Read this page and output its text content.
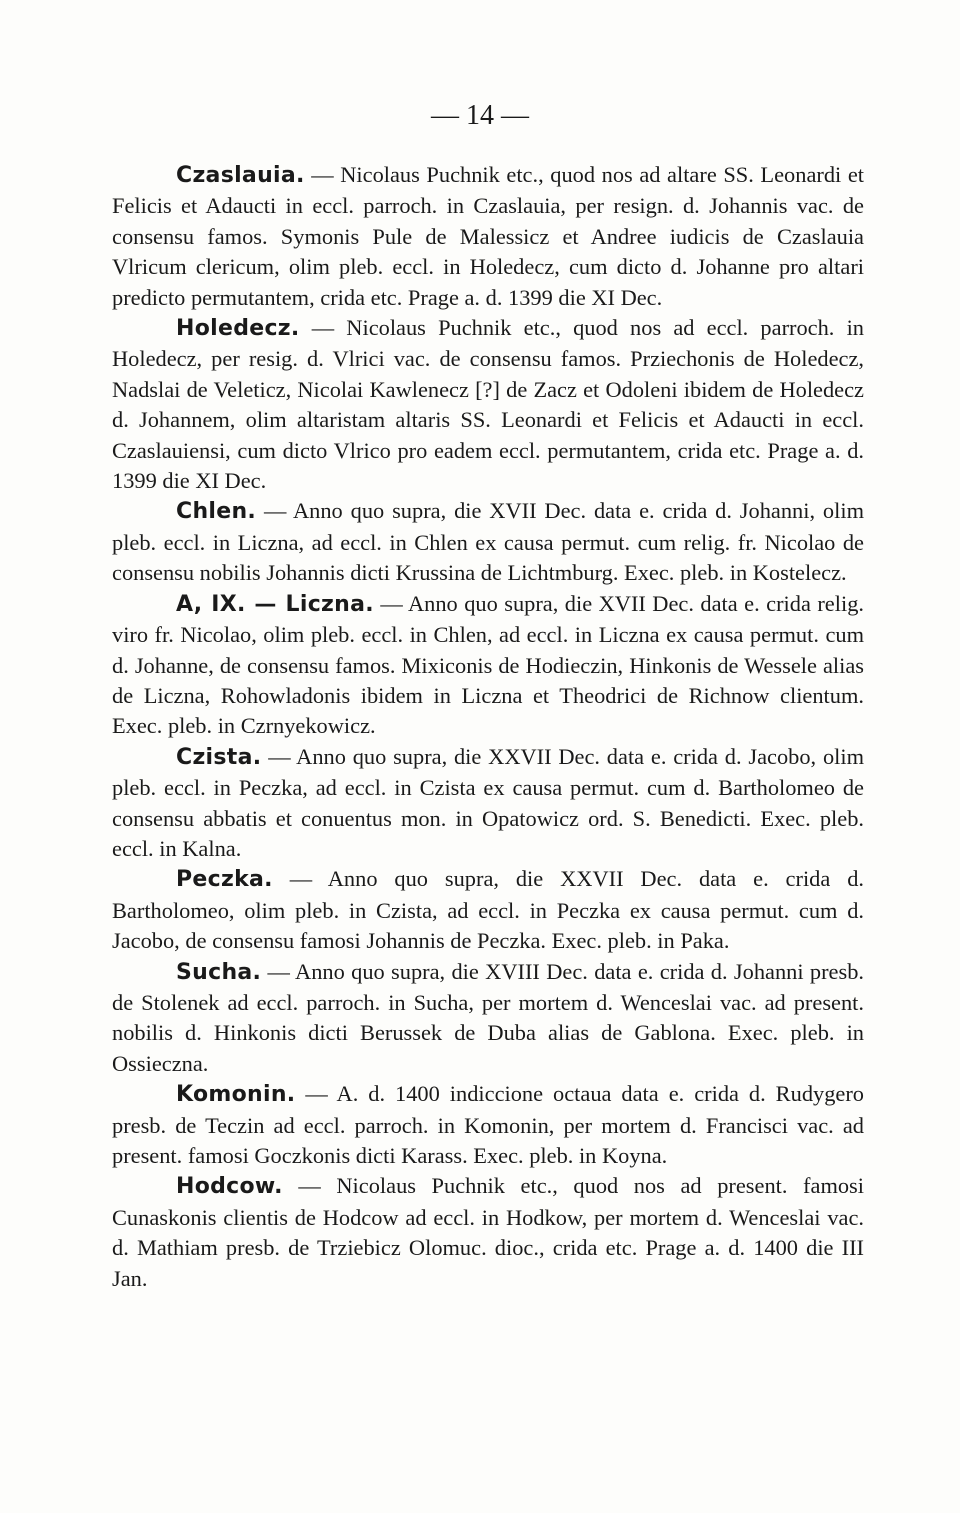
— 14 —

Czaslauia. — Nicolaus Puchnik etc., quod nos ad altare SS. Leonardi et Felicis et Adaucti in eccl. parroch. in Czaslauia, per resign. d. Johannis vac. de consensu famos. Symonis Pule de Malessicz et Andree iudicis de Czaslauia Vlricum clericum, olim pleb. eccl. in Holedecz, cum dicto d. Johanne pro altari predicto permutantem, crida etc. Prage a. d. 1399 die XI Dec.

Holedecz. — Nicolaus Puchnik etc., quod nos ad eccl. parroch. in Holedecz, per resig. d. Vlrici vac. de consensu famos. Prziechonis de Holedecz, Nadslai de Veleticz, Nicolai Kawlenecz [?] de Zacz et Odoleni ibidem de Holedecz d. Johannem, olim altaristam altaris SS. Leonardi et Felicis et Adaucti in eccl. Czaslauiensi, cum dicto Vlrico pro eadem eccl. permutantem, crida etc. Prage a. d. 1399 die XI Dec.

Chlen. — Anno quo supra, die XVII Dec. data e. crida d. Johanni, olim pleb. eccl. in Liczna, ad eccl. in Chlen ex causa permut. cum relig. fr. Nicolao de consensu nobilis Johannis dicti Krussina de Lichtmburg. Exec. pleb. in Kostelecz.

A, IX. — Liczna. — Anno quo supra, die XVII Dec. data e. crida relig. viro fr. Nicolao, olim pleb. eccl. in Chlen, ad eccl. in Liczna ex causa permut. cum d. Johanne, de consensu famos. Mixiconis de Hodieczin, Hinkonis de Wessele alias de Liczna, Rohowladonis ibidem in Liczna et Theodrici de Richnow clientum. Exec. pleb. in Czrnyekowicz.

Czista. — Anno quo supra, die XXVII Dec. data e. crida d. Jacobo, olim pleb. eccl. in Peczka, ad eccl. in Czista ex causa permut. cum d. Bartholomeo de consensu abbatis et conuentus mon. in Opatowicz ord. S. Benedicti. Exec. pleb. eccl. in Kalna.

Peczka. — Anno quo supra, die XXVII Dec. data e. crida d. Bartholomeo, olim pleb. in Czista, ad eccl. in Peczka ex causa permut. cum d. Jacobo, de consensu famosi Johannis de Peczka. Exec. pleb. in Paka.

Sucha. — Anno quo supra, die XVIII Dec. data e. crida d. Johanni presb. de Stolenek ad eccl. parroch. in Sucha, per mortem d. Wenceslai vac. ad present. nobilis d. Hinkonis dicti Berussek de Duba alias de Gablona. Exec. pleb. in Ossieczna.

Komonin. — A. d. 1400 indiccione octaua data e. crida d. Rudygero presb. de Teczin ad eccl. parroch. in Komonin, per mortem d. Francisci vac. ad present. famosi Goczkonis dicti Karass. Exec. pleb. in Koyna.

Hodcow. — Nicolaus Puchnik etc., quod nos ad present. famosi Cunaskonis clientis de Hodcow ad eccl. in Hodkow, per mortem d. Wenceslai vac. d. Mathiam presb. de Trziebicz Olomuc. dioc., crida etc. Prage a. d. 1400 die III Jan.
